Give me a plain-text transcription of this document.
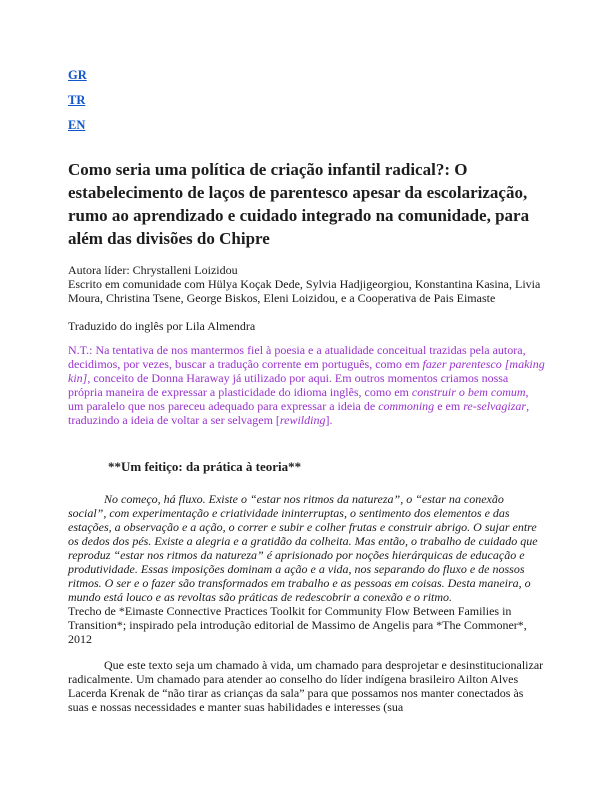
GR
TR
EN
Como seria uma política de criação infantil radical?: O estabelecimento de laços de parentesco apesar da escolarização, rumo ao aprendizado e cuidado integrado na comunidade, para além das divisões do Chipre

Autora líder: Chrystalleni Loizidou

Escrito em comunidade com Hülya Koçak Dede, Sylvia Hadjigeorgiou, Konstantina Kasina, Livia Moura, Christina Tsene, George Biskos, Eleni Loizidou, e a Cooperativa de Pais Eimaste

Traduzido do inglês por Lila Almendra

N.T.: Na tentativa de nos mantermos fiel à poesia e a atualidade conceitual trazidas pela autora, decidimos, por vezes, buscar a tradução corrente em português, como em fazer parentesco [making kin], conceito de Donna Haraway já utilizado por aqui. Em outros momentos criamos nossa própria maneira de expressar a plasticidade do idioma inglês, como em construir o bem comum, um paralelo que nos pareceu adequado para expressar a ideia de commoning e em re-selvagizar, traduzindo a ideia de voltar a ser selvagem [rewilding].

**Um feitiço: da prática à teoria**

No começo, há fluxo. Existe o “estar nos ritmos da natureza”, o “estar na conexão social”, com experimentação e criatividade ininterruptas, o sentimento dos elementos e das estações, a observação e a ação, o correr e subir e colher frutas e construir abrigo. O sujar entre os dedos dos pés. Existe a alegria e a gratidão da colheita. Mas então, o trabalho de cuidado que reproduz “estar nos ritmos da natureza” é aprisionado por noções hierárquicas de educação e produtividade. Essas imposições dominam a ação e a vida, nos separando do fluxo e de nossos ritmos. O ser e o fazer são transformados em trabalho e as pessoas em coisas. Desta maneira, o mundo está louco e as revoltas são práticas de redescobrir a conexão e o ritmo.

Trecho de *Eimaste Connective Practices Toolkit for Community Flow Between Families in Transition*; inspirado pela introdução editorial de Massimo de Angelis para *The Commoner*, 2012

Que este texto seja um chamado à vida, um chamado para desprojetar e desinstitucionalizar radicalmente. Um chamado para atender ao conselho do líder indígena brasileiro Ailton Alves Lacerda Krenak de “não tirar as crianças da sala” para que possamos nos manter conectados às suas e nossas necessidades e manter suas habilidades e interesses (sua
